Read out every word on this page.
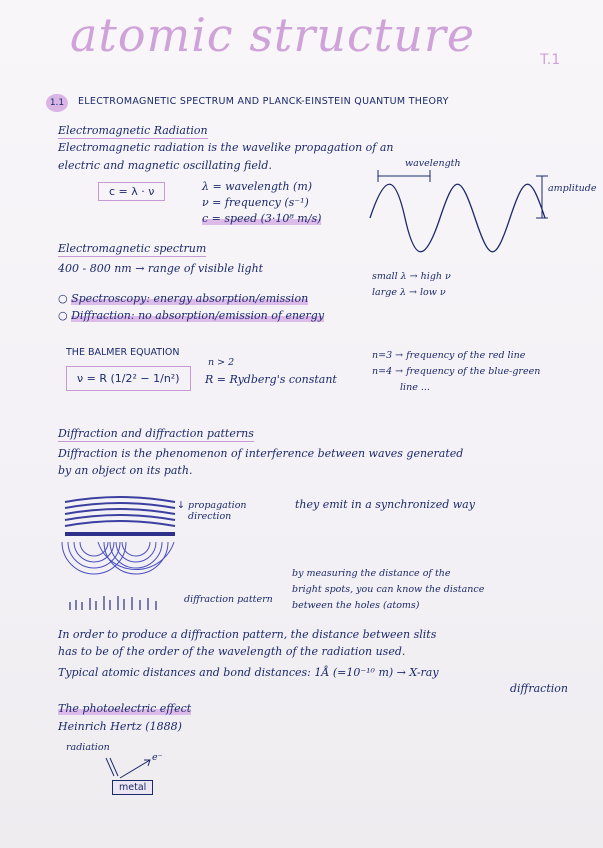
atomic structure	T.1
1.1	ELECTROMAGNETIC SPECTRUM AND PLANCK-EINSTEIN QUANTUM THEORY
Electromagnetic Radiation
Electromagnetic radiation is the wavelike propagation of an
electric and magnetic oscillating field.
c = λ · ν	λ = wavelength (m)
ν = frequency (s⁻¹)
c = speed (3·10⁸ m/s)
wavelength
amplitude
Electromagnetic spectrum
400 - 800 nm → range of visible light
small λ → high ν
large λ → low ν
○ Spectroscopy: energy absorption/emission
○ Diffraction: no absorption/emission of energy
THE BALMER EQUATION
n > 2
ν = R (1/2² − 1/n²)	R = Rydberg's constant
n=3 → frequency of the red line
n=4 → frequency of the blue-green
line ...
Diffraction and diffraction patterns
Diffraction is the phenomenon of interference between waves generated
by an object on its path.
↓ propagation direction
they emit in a synchronized way
diffraction pattern
by measuring the distance of the
bright spots, you can know the distance
between the holes (atoms)
In order to produce a diffraction pattern, the distance between slits
has to be of the order of the wavelength of the radiation used.
Typical atomic distances and bond distances: 1Å (=10⁻¹⁰ m) → X-ray
diffraction
The photoelectric effect
Heinrich Hertz (1888)
radiation
e⁻
metal
